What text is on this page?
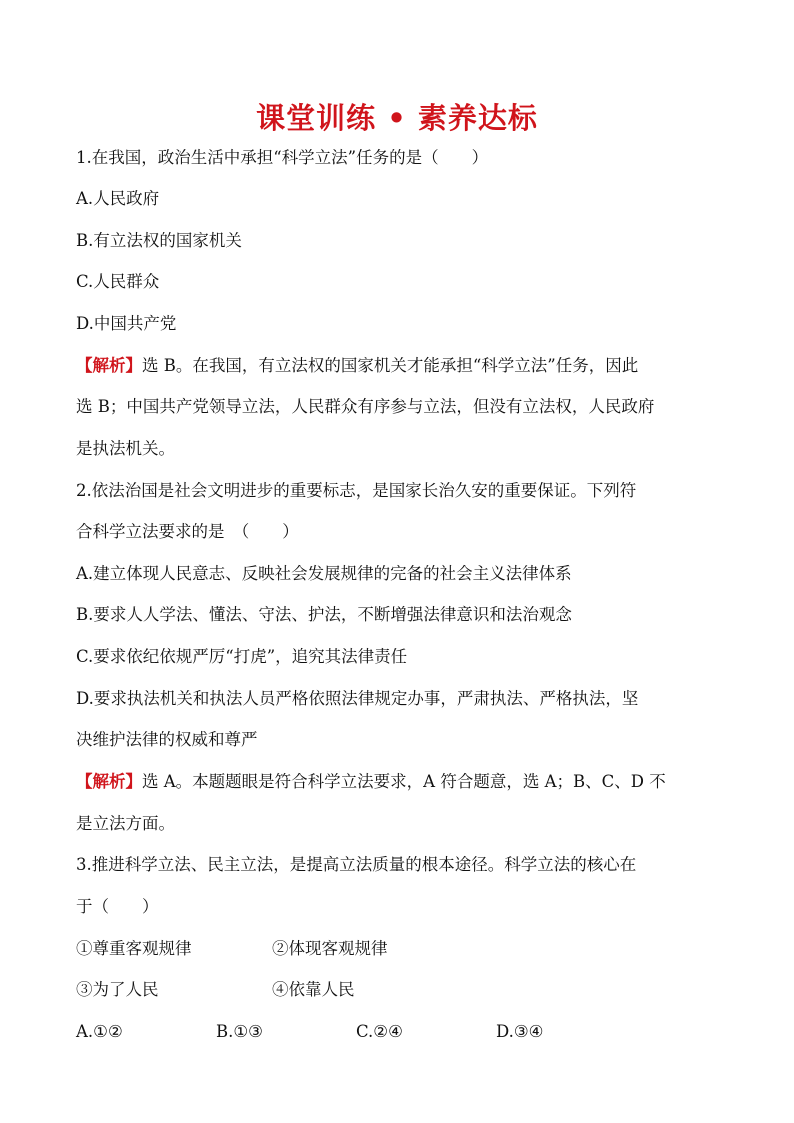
课堂训练 • 素养达标
1.在我国，政治生活中承担“科学立法”任务的是（　　）
A.人民政府
B.有立法权的国家机关
C.人民群众
D.中国共产党
【解析】选 B。在我国，有立法权的国家机关才能承担“科学立法”任务，因此
选 B；中国共产党领导立法，人民群众有序参与立法，但没有立法权，人民政府
是执法机关。
2.依法治国是社会文明进步的重要标志，是国家长治久安的重要保证。下列符
合科学立法要求的是　（　　）
A.建立体现人民意志、反映社会发展规律的完备的社会主义法律体系
B.要求人人学法、懂法、守法、护法，不断增强法律意识和法治观念
C.要求依纪依规严厉“打虎”，追究其法律责任
D.要求执法机关和执法人员严格依照法律规定办事，严肃执法、严格执法，坚
决维护法律的权威和尊严
【解析】选 A。本题题眼是符合科学立法要求，A 符合题意，选 A；B、C、D 不
是立法方面。
3.推进科学立法、民主立法，是提高立法质量的根本途径。科学立法的核心在
于（　　）
①尊重客观规律	②体现客观规律
③为了人民	④依靠人民
A.①②	B.①③	C.②④	D.③④
